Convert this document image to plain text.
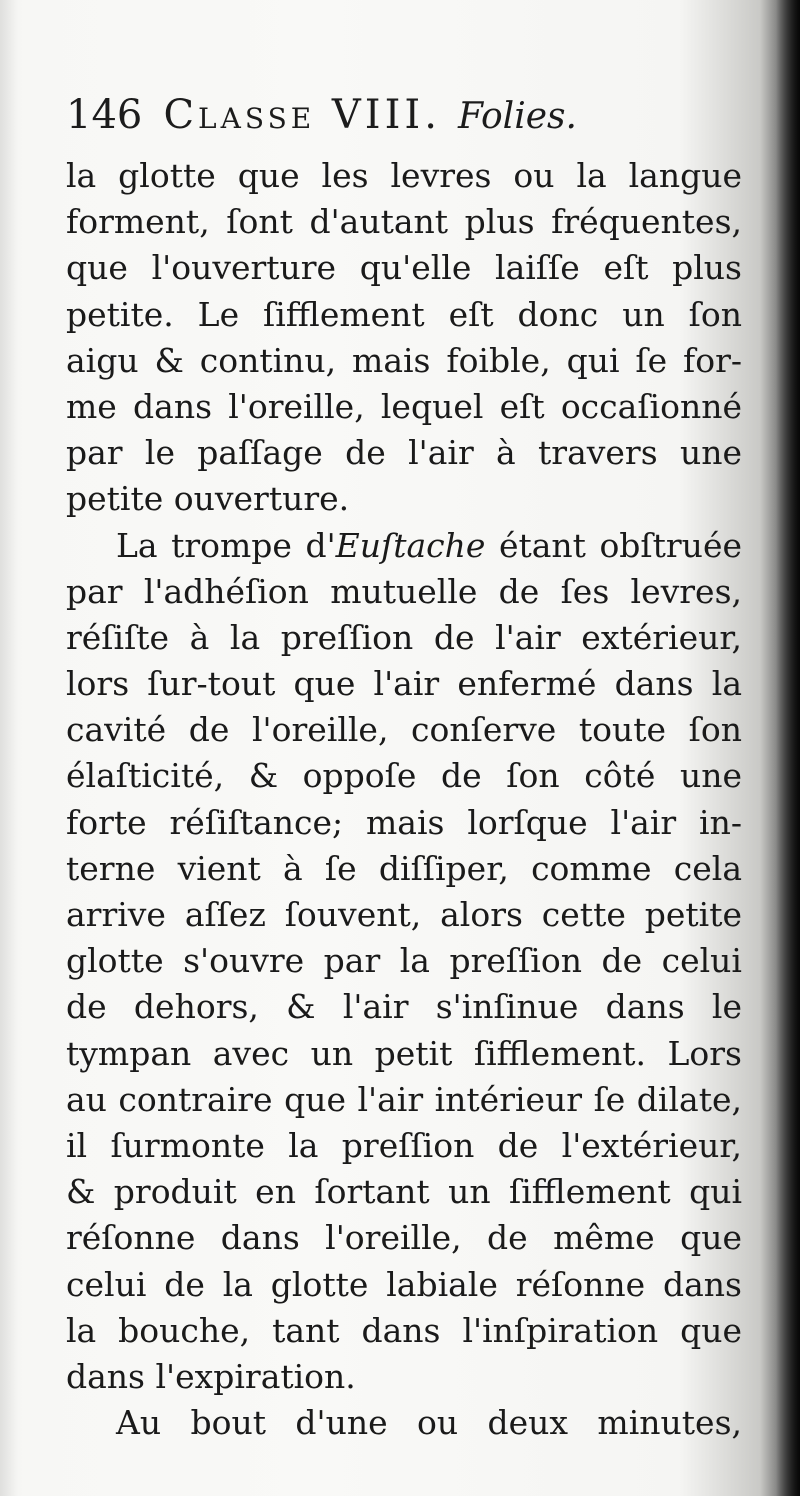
146 Classe VIII. Folies.
la glotte que les levres ou la langue
forment, ſont d'autant plus fréquentes,
que l'ouverture qu'elle laiſſe eſt plus
petite. Le ſifflement eſt donc un ſon
aigu & continu, mais foible, qui ſe for-
me dans l'oreille, lequel eſt occaſionné
par le paſſage de l'air à travers une
petite ouverture.
La trompe d'Euſtache étant obſtruée
par l'adhéſion mutuelle de ſes levres,
réſiſte à la preſſion de l'air extérieur,
lors ſur-tout que l'air enfermé dans la
cavité de l'oreille, conſerve toute ſon
élaſticité, & oppoſe de ſon côté une
forte réſiſtance; mais lorſque l'air in-
terne vient à ſe diſſiper, comme cela
arrive aſſez ſouvent, alors cette petite
glotte s'ouvre par la preſſion de celui
de dehors, & l'air s'inſinue dans le
tympan avec un petit ſifflement. Lors
au contraire que l'air intérieur ſe dilate,
il ſurmonte la preſſion de l'extérieur,
& produit en ſortant un ſifflement qui
réſonne dans l'oreille, de même que
celui de la glotte labiale réſonne dans
la bouche, tant dans l'inſpiration que
dans l'expiration.
Au bout d'une ou deux minutes,
